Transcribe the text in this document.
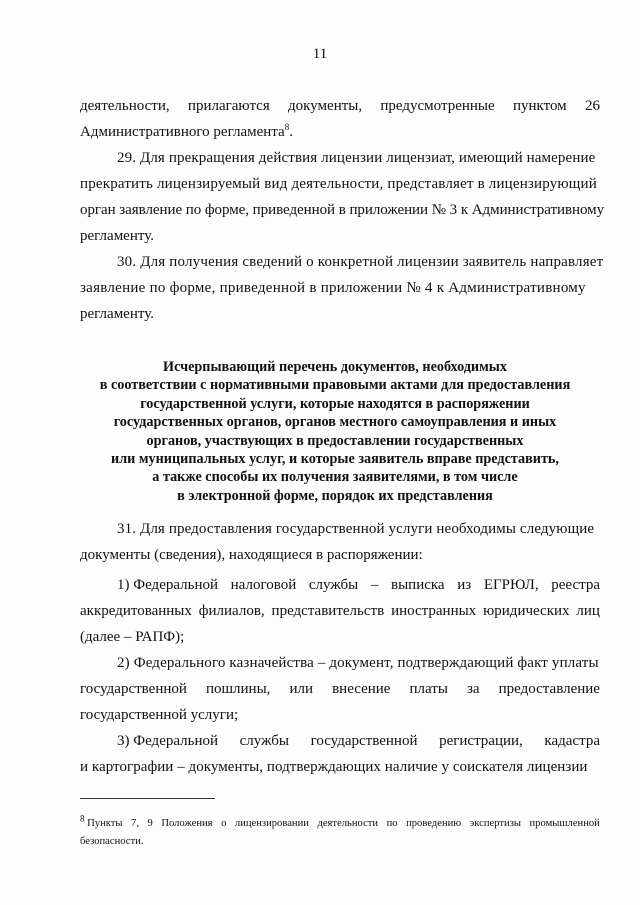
11
деятельности, прилагаются документы, предусмотренные пунктом 26
Административного регламента$^8$.
29. Для прекращения действия лицензии лицензиат, имеющий намерение
прекратить лицензируемый вид деятельности, представляет в лицензирующий
орган заявление по форме, приведенной в приложении № 3 к Административному
регламенту.
30. Для получения сведений о конкретной лицензии заявитель направляет
заявление по форме, приведенной в приложении № 4 к Административному
регламенту.
Исчерпывающий перечень документов, необходимых
в соответствии с нормативными правовыми актами для предоставления
государственной услуги, которые находятся в распоряжении
государственных органов, органов местного самоуправления и иных
органов, участвующих в предоставлении государственных
или муниципальных услуг, и которые заявитель вправе представить,
а также способы их получения заявителями, в том числе
в электронной форме, порядок их представления
31. Для предоставления государственной услуги необходимы следующие
документы (сведения), находящиеся в распоряжении:
1) Федеральной налоговой службы – выписка из ЕГРЮЛ, реестра
аккредитованных филиалов, представительств иностранных юридических лиц
(далее – РАПФ);
2) Федерального казначейства – документ, подтверждающий факт уплаты
государственной пошлины, или внесение платы за предоставление
государственной услуги;
3) Федеральной службы государственной регистрации, кадастра
и картографии – документы, подтверждающих наличие у соискателя лицензии
$^8$ Пункты 7, 9 Положения о лицензировании деятельности по проведению экспертизы промышленной
безопасности.
